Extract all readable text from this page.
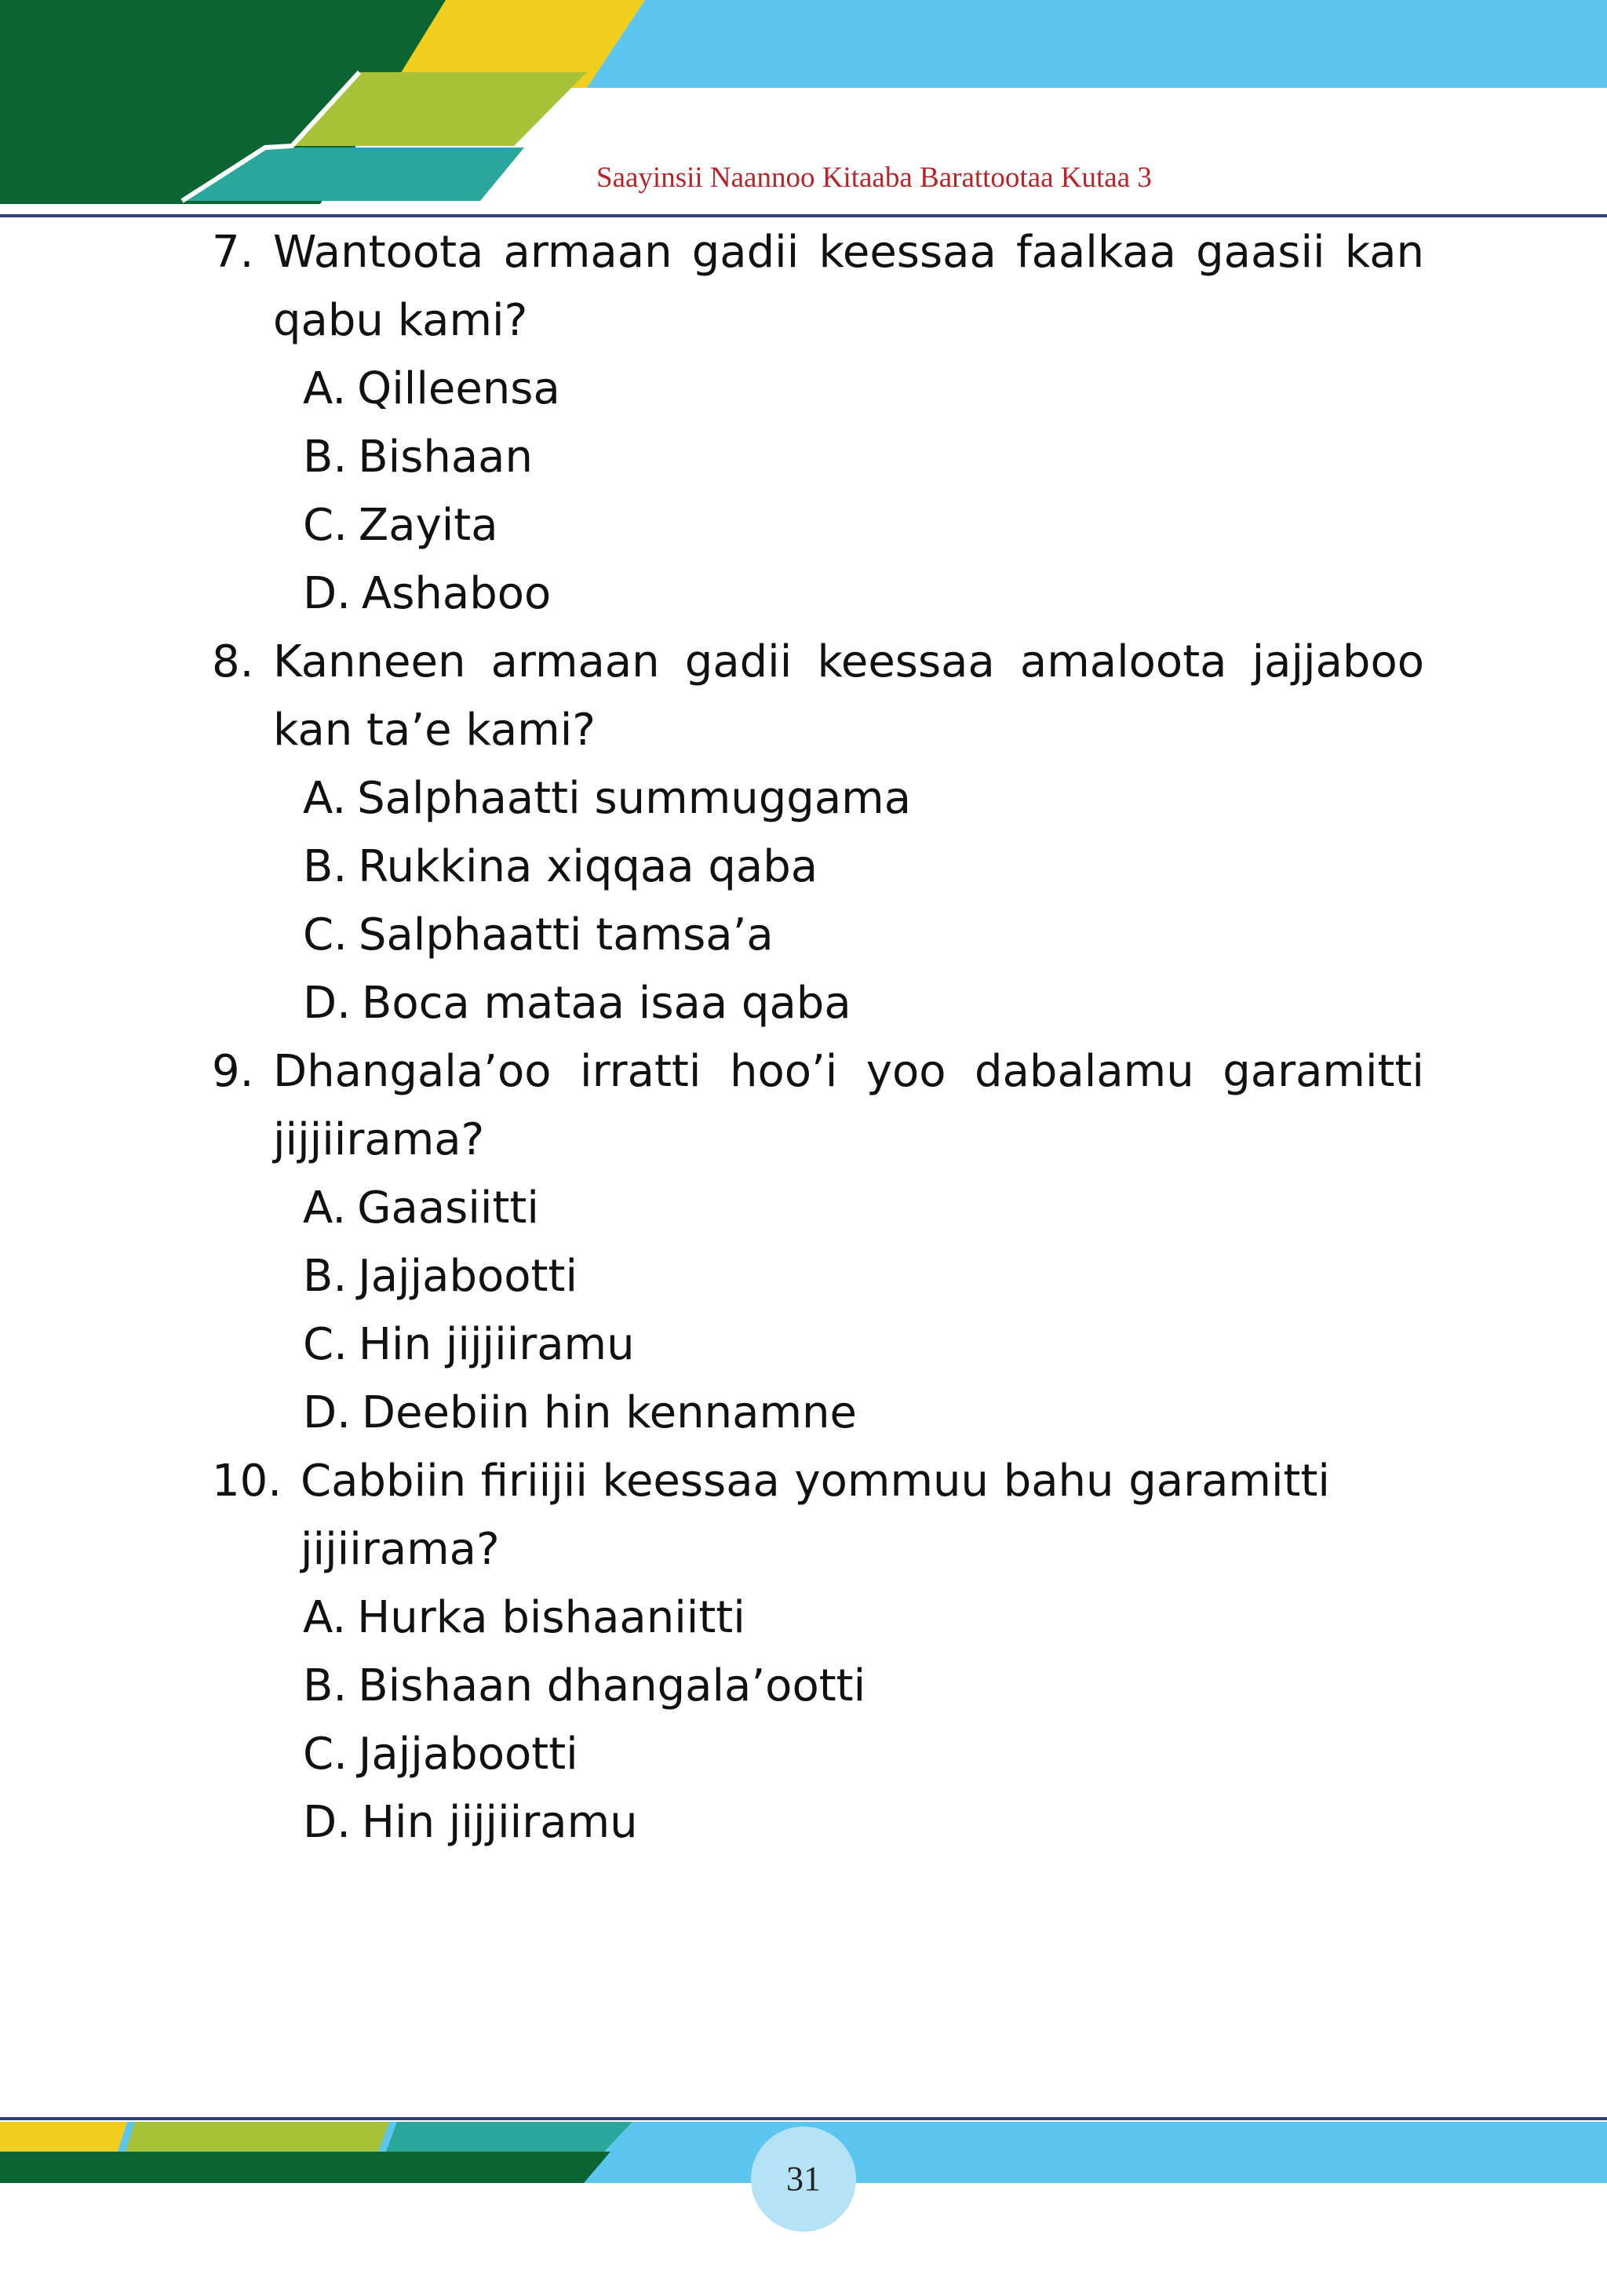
Saayinsii Naannoo Kitaaba Barattootaa Kutaa 3
7. Wantoota armaan gadii keessaa faalkaa gaasii kan qabu kami?
A. Qilleensa
B. Bishaan
C. Zayita
D. Ashaboo
8. Kanneen armaan gadii keessaa amaloota jajjaboo kan ta’e kami?
A. Salphaatti summuggama
B. Rukkina xiqqaa qaba
C. Salphaatti tamsa’a
D. Boca mataa isaa qaba
9. Dhangala’oo irratti hoo’i yoo dabalamu garamitti jijjiirama?
A. Gaasiitti
B. Jajjabootti
C. Hin jijjiiramu
D. Deebiin hin kennamne
10. Cabbiin firiijii keessaa yommuu bahu garamitti jijiirama?
A. Hurka bishaaniitti
B. Bishaan dhangala’ootti
C. Jajjabootti
D. Hin jijjiiramu
31
